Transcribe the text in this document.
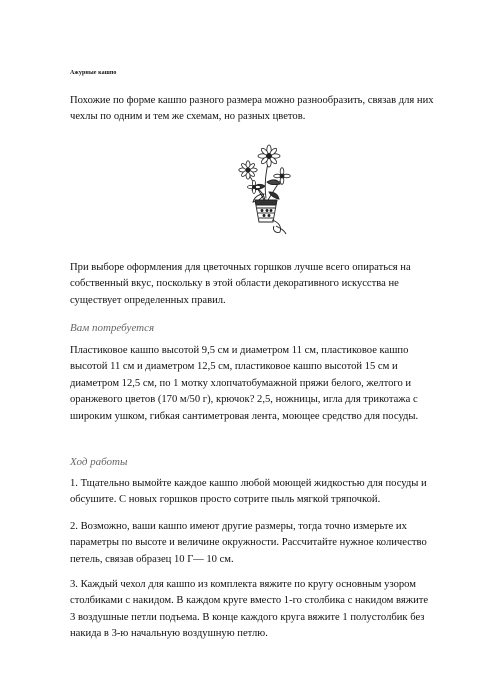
Ажурные кашпо

Похожие по форме кашпо разного размера можно разнообразить, связав для них

чехлы по одним и тем же схемам, но разных цветов.

При выборе оформления для цветочных горшков лучше всего опираться на

собственный вкус, поскольку в этой области декоративного искусства не

существует определенных правил.

Вам потребуется

Пластиковое кашпо высотой 9,5 см и диаметром 11 см, пластиковое кашпо

высотой 11 см и диаметром 12,5 см, пластиковое кашпо высотой 15 см и

диаметром 12,5 см, по 1 мотку хлопчатобумажной пряжи белого, желтого и

оранжевого цветов (170 м/50 г), крючок? 2,5, ножницы, игла для трикотажа с

широким ушком, гибкая сантиметровая лента, моющее средство для посуды.

Ход работы

1. Тщательно вымойте каждое кашпо любой моющей жидкостью для посуды и

обсушите. С новых горшков просто сотрите пыль мягкой тряпочкой.

2. Возможно, ваши кашпо имеют другие размеры, тогда точно измерьте их

параметры по высоте и величине окружности. Рассчитайте нужное количество

петель, связав образец 10 Г— 10 см.

3. Каждый чехол для кашпо из комплекта вяжите по кругу основным узором

столбиками с накидом. В каждом круге вместо 1-го столбика с накидом вяжите

3 воздушные петли подъема. В конце каждого круга вяжите 1 полустолбик без

накида в 3-ю начальную воздушную петлю.
